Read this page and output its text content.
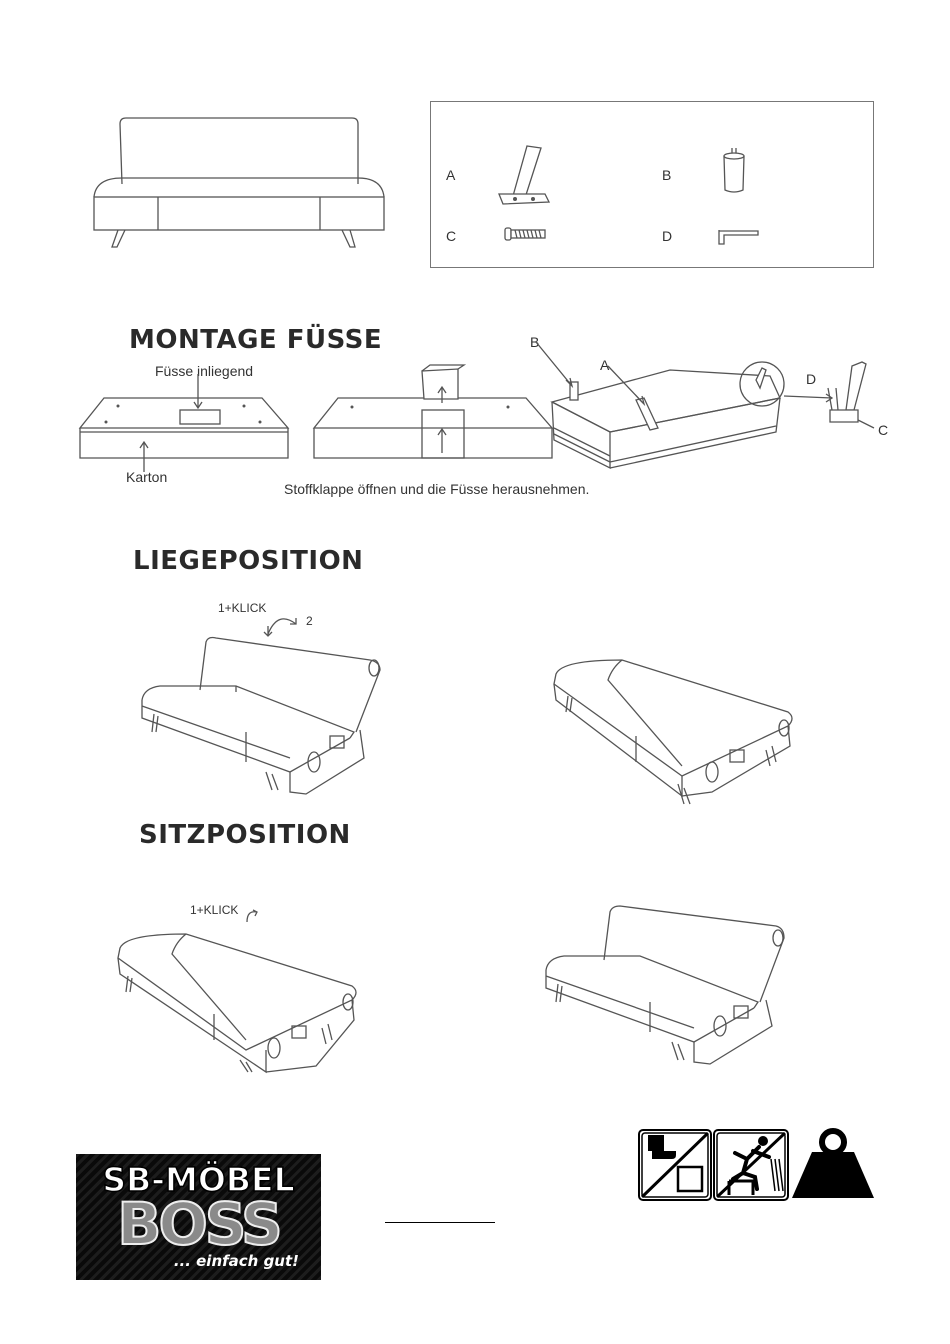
A	B
C	D
MONTAGE FÜSSE
Füsse inliegend
Karton
Stoffklappe öffnen und die Füsse herausnehmen.
B
A
D
C
LIEGEPOSITION
1+KLICK
2
SITZPOSITION
1+KLICK
SB-MÖBEL
BOSS
... einfach gut!
